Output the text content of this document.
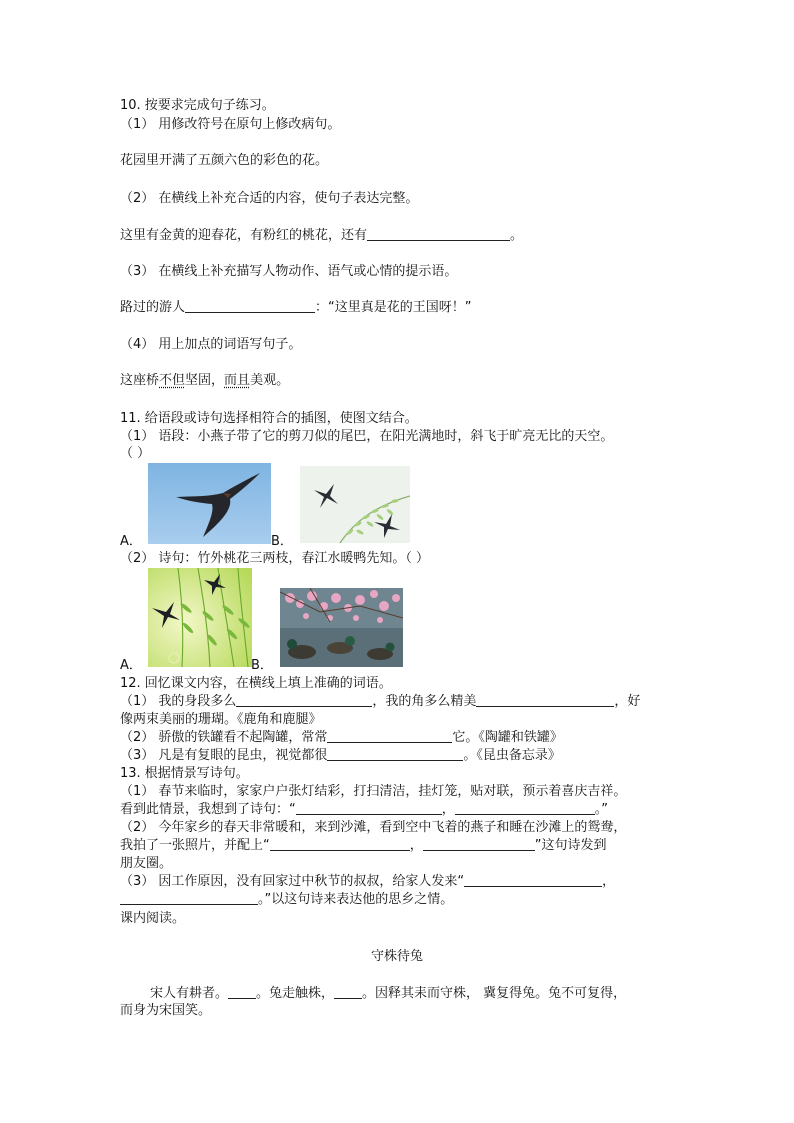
10. 按要求完成句子练习。
（1） 用修改符号在原句上修改病句。
花园里开满了五颜六色的彩色的花。
（2） 在横线上补充合适的内容，使句子表达完整。
这里有金黄的迎春花，有粉红的桃花，还有	。
（3） 在横线上补充描写人物动作、语气或心情的提示语。
路过的游人	：“这里真是花的王国呀！”
（4） 用上加点的词语写句子。
这座桥不但坚固，而且美观。
11. 给语段或诗句选择相符合的插图，使图文结合。
（1） 语段：小燕子带了它的剪刀似的尾巴，在阳光满地时，斜飞于旷亮无比的天空。
（ ）
A．	B．
（2） 诗句：竹外桃花三两枝，春江水暖鸭先知。（ ）
A．	B．
12. 回忆课文内容，在横线上填上准确的词语。
（1） 我的身段多么	，我的角多么精美	，好
像两束美丽的珊瑚。《鹿角和鹿腿》
（2） 骄傲的铁罐看不起陶罐，常常	它。《陶罐和铁罐》
（3） 凡是有复眼的昆虫，视觉都很	。《昆虫备忘录》
13. 根据情景写诗句。
（1） 春节来临时，家家户户张灯结彩，打扫清洁，挂灯笼，贴对联，预示着喜庆吉祥。
看到此情景，我想到了诗句：“	，	。”
（2） 今年家乡的春天非常暖和，来到沙滩，看到空中飞着的燕子和睡在沙滩上的鸳鸯，
我拍了一张照片，并配上“	，	”这句诗发到
朋友圈。
（3） 因工作原因，没有回家过中秋节的叔叔，给家人发来“	，
。”以这句诗来表达他的思乡之情。
课内阅读。
守株待兔
宋人有耕者。 。兔走触株， 。因释其耒而守株， 冀复得兔。兔不可复得，
而身为宋国笑。
